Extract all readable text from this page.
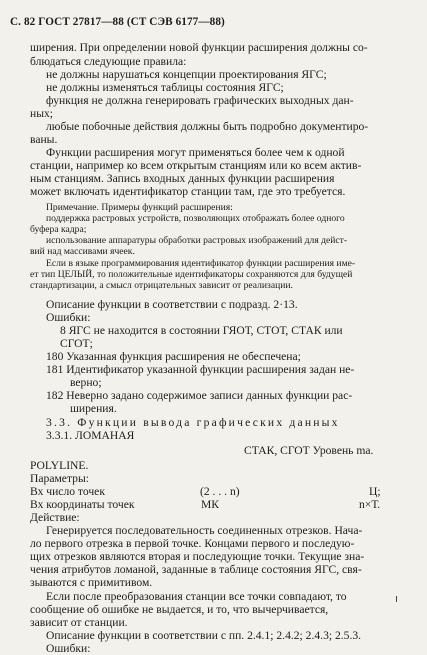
С. 82 ГОСТ 27817—88 (СТ СЭВ 6177—88)
ширения. При определении новой функции расширения должны со-
блюдаться следующие правила:
не должны нарушаться концепции проектирования ЯГС;
не должны изменяться таблицы состояния ЯГС;
функция не должна генерировать графических выходных дан-
ных;
любые побочные действия должны быть подробно документиро-
ваны.
Функции расширения могут применяться более чем к одной
станции, например ко всем открытым станциям или ко всем актив-
ным станциям. Запись входных данных функции расширения
может включать идентификатор станции там, где это требуется.
Примечание. Примеры функций расширения:
поддержка растровых устройств, позволяющих отображать более одного
буфера кадра;
использование аппаратуры обработки растровых изображений для дейст-
вий над массивами ячеек.
Если в языке программирования идентификатор функции расширения име-
ет тип ЦЕЛЫЙ, то положительные идентификаторы сохраняются для будущей
стандартизации, а смысл отрицательных зависит от реализации.
Описание функции в соответствии с подразд. 2·13.
Ошибки:
8 ЯГС не находится в состоянии ГЯОТ, СТОТ, СТАК или
СГОТ;
180 Указанная функция расширения не обеспечена;
181 Идентификатор указанной функции расширения задан не-
верно;
182 Неверно задано содержимое записи данных функции рас-
ширения.
3.3. Функции вывода графических данных
3.3.1. ЛОМАНАЯ
СТАК, СГОТ Уровень ma.
POLYLINE.
Параметры:
Вх число точек	(2 . . . n)	Ц;
Вх координаты точек	МК	n×Т.
Действие:
Генерируется последовательность соединенных отрезков. Нача-
ло первого отрезка в первой точке. Концами первого и последую-
щих отрезков являются вторая и последующие точки. Текущие зна-
чения атрибутов ломаной, заданные в таблице состояния ЯГС, свя-
зываются с примитивом.
Если после преобразования станции все точки совпадают, то
сообщение об ошибке не выдается, и то, что вычерчивается,
зависит от станции.
Описание функции в соответствии с пп. 2.4.1; 2.4.2; 2.4.3; 2.5.3.
Ошибки:
